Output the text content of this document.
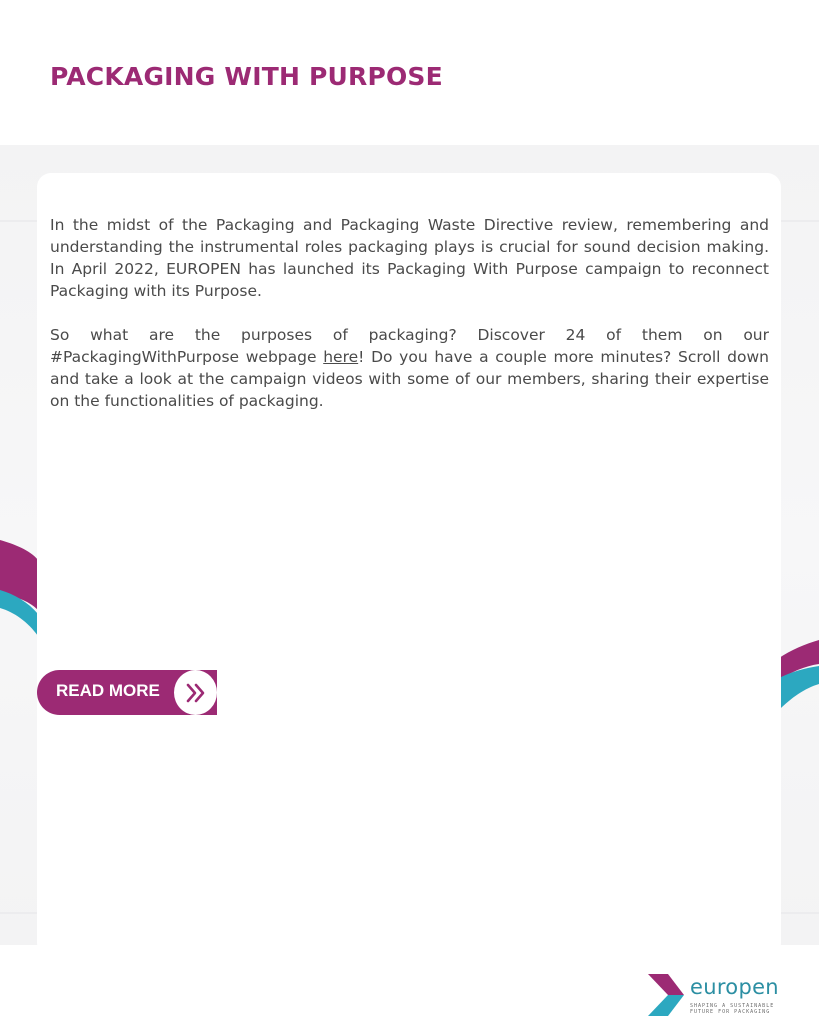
PACKAGING WITH PURPOSE

In the midst of the Packaging and Packaging Waste Directive review, remembering and understanding the instrumental roles packaging plays is crucial for sound decision making. In April 2022, EUROPEN has launched its Packaging With Purpose campaign to reconnect Packaging with its Purpose.

So what are the purposes of packaging? Discover 24 of them on our #PackagingWithPurpose webpage here! Do you have a couple more minutes? Scroll down and take a look at the campaign videos with some of our members, sharing their expertise on the functionalities of packaging.

READ MORE
europen
SHAPING A SUSTAINABLE FUTURE FOR PACKAGING
